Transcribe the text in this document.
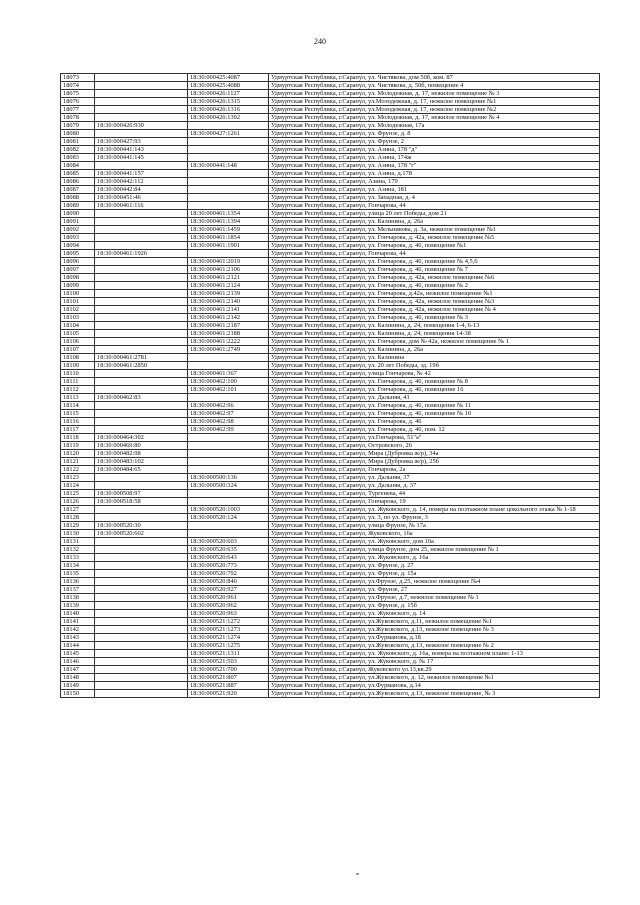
240
18073		18:30:000425:4087	Удмуртская Республика, г.Сарапул, ул. Чистякова, дом 50б, ком. 87
18074		18:30:000425:4088	Удмуртская Республика, г.Сарапул, ул. Чистякова, д. 50б, помещение 4
18075		18:30:000426:1127	Удмуртская Республика, г.Сарапул, ул. Молодежная, д. 17, нежилое помещение № 3
18076		18:30:000426:1315	Удмуртская Республика, г.Сарапул, ул.Молодежная, д. 17, нежилое помещение №1
18077		18:30:000426:1316	Удмуртская Республика, г.Сарапул, ул.Молодежная, д. 17, нежилое помещение №2
18078		18:30:000426:1392	Удмуртская Республика, г.Сарапул, ул. Молодежная, д. 17, нежилое помещение № 4
18079	18:30:000426:930		Удмуртская Республика, г.Сарапул, ул. Молодежная, 17а
18080		18:30:000427:1261	Удмуртская Республика, г.Сарапул, ул. Фрунзе, д. 8
18081	18:30:000427:93		Удмуртская Республика, г.Сарапул, ул. Фрунзе, 2
18082	18:30:000441:143		Удмуртская Республика, г.Сарапул, ул. Азина, 178 "д"
18083	18:30:000441:145		Удмуртская Республика, г.Сарапул, ул. Азина, 174ж
18084		18:30:000441:148	Удмуртская Республика, г.Сарапул, ул. Азина, 178 "г"
18085	18:30:000441:157		Удмуртская Республика, г.Сарапул, ул. Азина, д.178
18086	18:30:000442:112		Удмуртская Республика, г.Сарапул, Азина, 179
18087	18:30:000442:84		Удмуртская Республика, г.Сарапул, ул. Азина, 181
18088	18:30:000451:46		Удмуртская Республика, г.Сарапул, ул. Западная, д. 4
18089	18:30:000461:116		Удмуртская Республика, г.Сарапул, Гончарова, 44
18090		18:30:000461:1354	Удмуртская Республика, г.Сарапул, улица 20 лет Победы, дом 21
18091		18:30:000461:1394	Удмуртская Республика, г.Сарапул, ул. Калинина, д. 26а
18092		18:30:000461:1459	Удмуртская Республика, г.Сарапул, ул. Мельникова, д. 3а, нежилое помещение №1
18093		18:30:000461:1854	Удмуртская Республика, г.Сарапул, ул. Гончарова, д. 42а, нежилое помещение №5
18094		18:30:000461:1901	Удмуртская Республика, г.Сарапул, ул. Гончарова, д. 46, помещение №1
18095	18:30:000461:1926		Удмуртская Республика, г.Сарапул, Гончарова, 44
18096		18:30:000461:2019	Удмуртская Республика, г.Сарапул, ул. Гончарова, д. 46, помещение № 4,5,6
18097		18:30:000461:2106	Удмуртская Республика, г.Сарапул, ул. Гончарова, д. 46, помещение № 7
18098		18:30:000461:2121	Удмуртская Республика, г.Сарапул, ул. Гончарова, д. 42а, нежилое помещение №6
18099		18:30:000461:2124	Удмуртская Республика, г.Сарапул, ул. Гончарова, д. 46, помещение № 2
18100		18:30:000461:2139	Удмуртская Республика, г.Сарапул, ул. Гончарова, д.42а, нежилое помещение №1
18101		18:30:000461:2140	Удмуртская Республика, г.Сарапул, ул. Гончарова, д. 42а, нежилое помещение №3
18102		18:30:000461:2141	Удмуртская Республика, г.Сарапул, ул. Гончарова, д. 42а, нежилое помещение № 4
18103		18:30:000461:2142	Удмуртская Республика, г.Сарапул, ул. Гончарова, д. 46, помещение № 3
18104		18:30:000461:2187	Удмуртская Республика, г.Сарапул, ул. Калинина, д. 24, помещения 1-4, 6-13
18105		18:30:000461:2188	Удмуртская Республика, г.Сарапул, ул. Калинина, д. 24, помещения 14-38
18106		18:30:000461:2222	Удмуртская Республика, г.Сарапул, ул. Гончарова, дом № 42а, нежилое помещение № 1
18107		18:30:000461:2749	Удмуртская Республика, г.Сарапул, ул. Калинина, д. 26а
18108	18:30:000461:2781		Удмуртская Республика, г.Сарапул, ул. Калинина
18109	18:30:000461:2850		Удмуртская Республика, г.Сарапул, ул. 20 лет Победы, зд. 19б
18110		18:30:000461:367	Удмуртская Республика, г.Сарапул, улица Гончарова, № 42
18111		18:30:000462:100	Удмуртская Республика, г.Сарапул, ул. Гончарова, д. 46, помещение № 8
18112		18:30:000462:101	Удмуртская Республика, г.Сарапул, ул. Гончарова, д. 46, помещение 16
18113	18:30:000462:83		Удмуртская Республика, г.Сарапул, ул. Дальняя, 41
18114		18:30:000462:96	Удмуртская Республика, г.Сарапул, ул. Гончарова, д. 46, помещение № 11
18115		18:30:000462:97	Удмуртская Республика, г.Сарапул, ул. Гончарова, д. 46, помещение № 10
18116		18:30:000462:98	Удмуртская Республика, г.Сарапул, ул. Гончарова, д. 46
18117		18:30:000462:99	Удмуртская Республика, г.Сарапул, ул. Гончарова, д. 46, пом. 12
18118	18:30:000464:302		Удмуртская Республика, г.Сарапул, ул.Гончарова, 51"а"
18119	18:30:000469:80		Удмуртская Республика, г.Сарапул, Островского, 26
18120	18:30:000482:98		Удмуртская Республика, г.Сарапул, Мира (Дубровка ж/р), 34а
18121	18:30:000483:102		Удмуртская Республика, г.Сарапул, Мира (Дубровка ж/р), 25б
18122	18:30:000484:65		Удмуртская Республика, г.Сарапул, Гончарова, 2а
18123		18:30:000500:136	Удмуртская Республика, г.Сарапул, ул. Дальняя, 37
18124		18:30:000500:324	Удмуртская Республика, г.Сарапул, ул. Дальняя, д. 37
18125	18:30:000508:97		Удмуртская Республика, г.Сарапул, Тургенева, 44
18126	18:30:000518:58		Удмуртская Республика, г.Сарапул, Гончарова, 19
18127		18:30:000520:1003	Удмуртская Республика, г.Сарапул, ул. Жуковского, д. 14, помера на поэтажном плане цокольного этажа № 1-18
18128		18:30:000520:124	Удмуртская Республика, г.Сарапул, ул. 3, по ул. Фрунзе, 3
18129	18:30:000520:30		Удмуртская Республика, г.Сарапул, улица Фрунзе, № 17а
18130	18:30:000520:602		Удмуртская Республика, г.Сарапул, Жуковского, 16а
18131		18:30:000520:603	Удмуртская Республика, г.Сарапул, ул. Жуковского, дом 10а
18132		18:30:000520:635	Удмуртская Республика, г.Сарапул, улица Фрунзе, дом 25, нежилое помещение № 1
18133		18:30:000520:643	Удмуртская Республика, г.Сарапул, ул. Жуковского, д. 16а
18134		18:30:000520:773	Удмуртская Республика, г.Сарапул, ул. Фрунзе, д. 27
18135		18:30:000520:792	Удмуртская Республика, г.Сарапул, ул. Фрунзе, д. 15а
18136		18:30:000520:840	Удмуртская Республика, г.Сарапул, ул.Фрунзе, д.25, нежилое помещение №4
18137		18:30:000520:927	Удмуртская Республика, г.Сарапул, ул. Фрунзе, 27
18138		18:30:000520:961	Удмуртская Республика, г.Сарапул, ул.Фрунзе, д.7, нежилое помещение № 1
18139		18:30:000520:962	Удмуртская Республика, г.Сарапул, ул. Фрунзе, д. 15б
18140		18:30:000520:963	Удмуртская Республика, г.Сарапул, ул. Жуковского, д. 14
18141		18:30:000521:1272	Удмуртская Республика, г.Сарапул, ул.Жуковского, д.11, нежилое помещение №1
18142		18:30:000521:1273	Удмуртская Республика, г.Сарапул, ул.Жуковского, д.13, нежилое помещение № 3
18143		18:30:000521:1274	Удмуртская Республика, г.Сарапул, ул.Фурманова, д.18
18144		18:30:000521:1275	Удмуртская Республика, г.Сарапул, ул.Жуковского, д.13, нежилое помещение № 2
18145		18:30:000521:1311	Удмуртская Республика, г.Сарапул, ул. Жуковского, д. 16а, номера на поэтажном плане: 1-13
18146		18:30:000521:503	Удмуртская Республика, г.Сарапул, ул. Жуковского, д. № 17
18147		18:30:000521:700	Удмуртская Республика, г.Сарапул, Жуковского ул.13,кв.29
18148		18:30:000521:807	Удмуртская Республика, г.Сарапул, ул.Жуковского, д. 12, нежилое помещение №1
18149		18:30:000521:887	Удмуртская Республика, г.Сарапул, ул.Фурманова, д.14
18150		18:30:000521:920	Удмуртская Республика, г.Сарапул, ул.Жуковского, д.13, нежилое помещение, № 3
